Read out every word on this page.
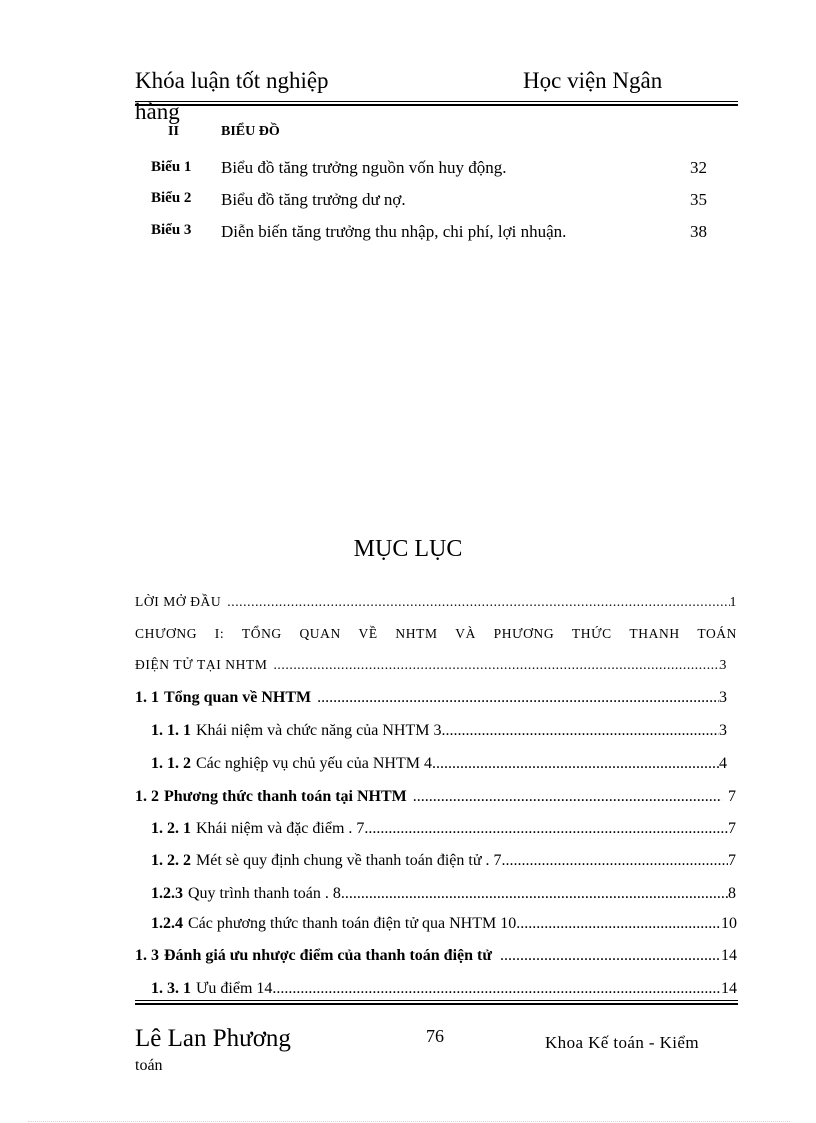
Khóa luận tốt nghiệp	Học viện Ngân
hàng
II	BIỂU ĐỒ
Biểu 1 Biểu đồ tăng trưởng nguồn vốn huy động.	32
Biểu 2 Biểu đồ tăng trưởng dư nợ.	35
Biểu 3 Diễn biến tăng trưởng thu nhập, chi phí, lợi nhuận.	38
MỤC LỤC
LỜI MỞ ĐẦU .....	1
CHƯƠNG I: TỔNG QUAN VỀ NHTM VÀ PHƯƠNG THỨC THANH TOÁN
ĐIỆN TỬ TẠI NHTM .....	3
1. 1 Tổng quan về NHTM .....	3
1. 1. 1 Khái niệm và chức năng của NHTM 3 .....	3
1. 1. 2 Các nghiệp vụ chủ yếu của NHTM 4 .....	4
1. 2 Phương thức thanh toán tại NHTM .....	7
1. 2. 1 Khái niệm và đặc điểm . 7 .....	7
1. 2. 2 Mét sè quy định chung về thanh toán điện tử . 7 .....	7
1.2.3 Quy trình thanh toán . 8 .....	8
1.2.4 Các phương thức thanh toán điện tử qua NHTM 10 .....	10
1. 3 Đánh giá ưu nhược điểm của thanh toán điện tử .....	14
1. 3. 1 Ưu điểm 14 .....	14
Lê Lan Phương	76	Khoa Kế toán - Kiểm
toán
